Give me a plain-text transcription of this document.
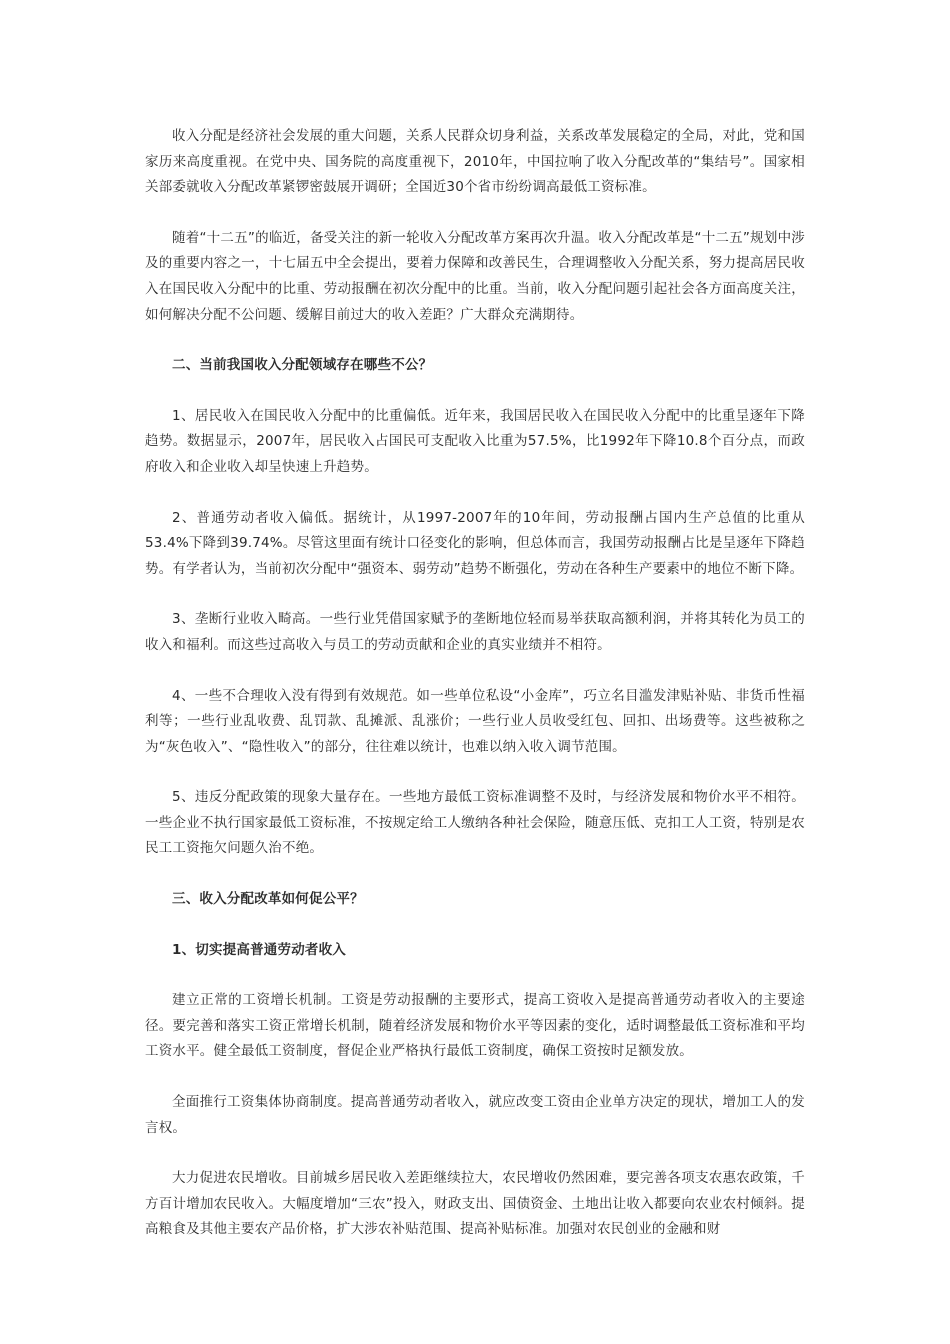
收入分配是经济社会发展的重大问题，关系人民群众切身利益，关系改革发展稳定的全局，对此，党和国家历来高度重视。在党中央、国务院的高度重视下，2010年，中国拉响了收入分配改革的“集结号”。国家相关部委就收入分配改革紧锣密鼓展开调研；全国近30个省市纷纷调高最低工资标准。

随着“十二五”的临近，备受关注的新一轮收入分配改革方案再次升温。收入分配改革是“十二五”规划中涉及的重要内容之一，十七届五中全会提出，要着力保障和改善民生，合理调整收入分配关系，努力提高居民收入在国民收入分配中的比重、劳动报酬在初次分配中的比重。当前，收入分配问题引起社会各方面高度关注，如何解决分配不公问题、缓解目前过大的收入差距？广大群众充满期待。

二、当前我国收入分配领域存在哪些不公？

1、居民收入在国民收入分配中的比重偏低。近年来，我国居民收入在国民收入分配中的比重呈逐年下降趋势。数据显示，2007年，居民收入占国民可支配收入比重为57.5%，比1992年下降10.8个百分点，而政府收入和企业收入却呈快速上升趋势。

2、普通劳动者收入偏低。据统计，从1997-2007年的10年间，劳动报酬占国内生产总值的比重从53.4%下降到39.74%。尽管这里面有统计口径变化的影响，但总体而言，我国劳动报酬占比是呈逐年下降趋势。有学者认为，当前初次分配中“强资本、弱劳动”趋势不断强化，劳动在各种生产要素中的地位不断下降。

3、垄断行业收入畸高。一些行业凭借国家赋予的垄断地位轻而易举获取高额利润，并将其转化为员工的收入和福利。而这些过高收入与员工的劳动贡献和企业的真实业绩并不相符。

4、一些不合理收入没有得到有效规范。如一些单位私设“小金库”，巧立名目滥发津贴补贴、非货币性福利等；一些行业乱收费、乱罚款、乱摊派、乱涨价；一些行业人员收受红包、回扣、出场费等。这些被称之为“灰色收入”、“隐性收入”的部分，往往难以统计，也难以纳入收入调节范围。

5、违反分配政策的现象大量存在。一些地方最低工资标准调整不及时，与经济发展和物价水平不相符。一些企业不执行国家最低工资标准，不按规定给工人缴纳各种社会保险，随意压低、克扣工人工资，特别是农民工工资拖欠问题久治不绝。

三、收入分配改革如何促公平？

1、切实提高普通劳动者收入

建立正常的工资增长机制。工资是劳动报酬的主要形式，提高工资收入是提高普通劳动者收入的主要途径。要完善和落实工资正常增长机制，随着经济发展和物价水平等因素的变化，适时调整最低工资标准和平均工资水平。健全最低工资制度，督促企业严格执行最低工资制度，确保工资按时足额发放。

全面推行工资集体协商制度。提高普通劳动者收入，就应改变工资由企业单方决定的现状，增加工人的发言权。

大力促进农民增收。目前城乡居民收入差距继续拉大，农民增收仍然困难，要完善各项支农惠农政策，千方百计增加农民收入。大幅度增加“三农”投入，财政支出、国债资金、土地出让收入都要向农业农村倾斜。提高粮食及其他主要农产品价格，扩大涉农补贴范围、提高补贴标准。加强对农民创业的金融和财
